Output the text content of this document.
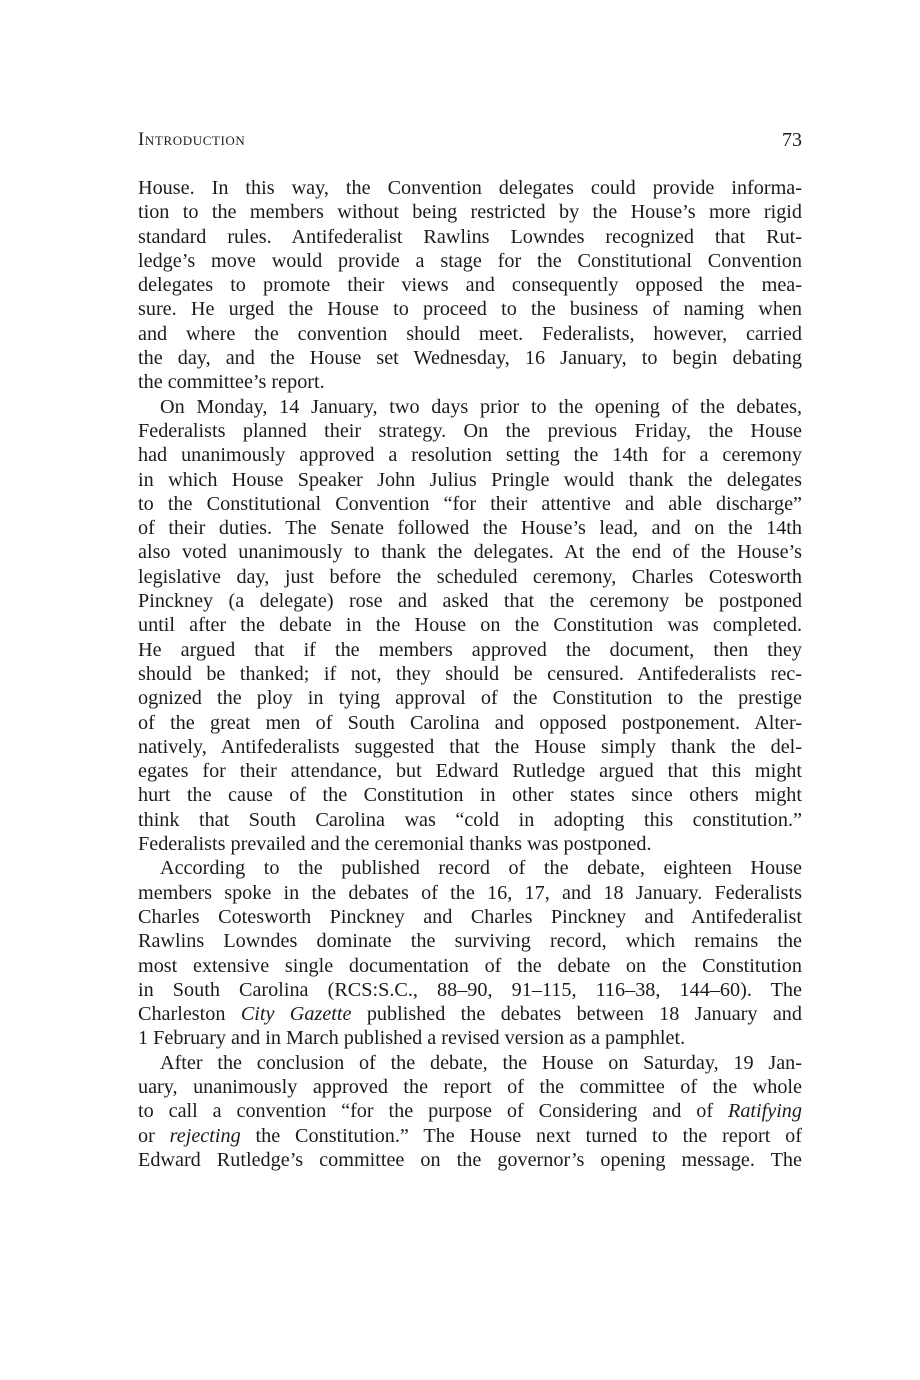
Introduction	73
House. In this way, the Convention delegates could provide informa-
tion to the members without being restricted by the House’s more rigid
standard rules. Antifederalist Rawlins Lowndes recognized that Rut-
ledge’s move would provide a stage for the Constitutional Convention
delegates to promote their views and consequently opposed the mea-
sure. He urged the House to proceed to the business of naming when
and where the convention should meet. Federalists, however, carried
the day, and the House set Wednesday, 16 January, to begin debating
the committee’s report.
On Monday, 14 January, two days prior to the opening of the debates,
Federalists planned their strategy. On the previous Friday, the House
had unanimously approved a resolution setting the 14th for a ceremony
in which House Speaker John Julius Pringle would thank the delegates
to the Constitutional Convention “for their attentive and able discharge”
of their duties. The Senate followed the House’s lead, and on the 14th
also voted unanimously to thank the delegates. At the end of the House’s
legislative day, just before the scheduled ceremony, Charles Cotesworth
Pinckney (a delegate) rose and asked that the ceremony be postponed
until after the debate in the House on the Constitution was completed.
He argued that if the members approved the document, then they
should be thanked; if not, they should be censured. Antifederalists rec-
ognized the ploy in tying approval of the Constitution to the prestige
of the great men of South Carolina and opposed postponement. Alter-
natively, Antifederalists suggested that the House simply thank the del-
egates for their attendance, but Edward Rutledge argued that this might
hurt the cause of the Constitution in other states since others might
think that South Carolina was “cold in adopting this constitution.”
Federalists prevailed and the ceremonial thanks was postponed.
According to the published record of the debate, eighteen House
members spoke in the debates of the 16, 17, and 18 January. Federalists
Charles Cotesworth Pinckney and Charles Pinckney and Antifederalist
Rawlins Lowndes dominate the surviving record, which remains the
most extensive single documentation of the debate on the Constitution
in South Carolina (RCS:S.C., 88–90, 91–115, 116–38, 144–60). The
Charleston City Gazette published the debates between 18 January and
1 February and in March published a revised version as a pamphlet.
After the conclusion of the debate, the House on Saturday, 19 Jan-
uary, unanimously approved the report of the committee of the whole
to call a convention “for the purpose of Considering and of Ratifying
or rejecting the Constitution.” The House next turned to the report of
Edward Rutledge’s committee on the governor’s opening message. The
